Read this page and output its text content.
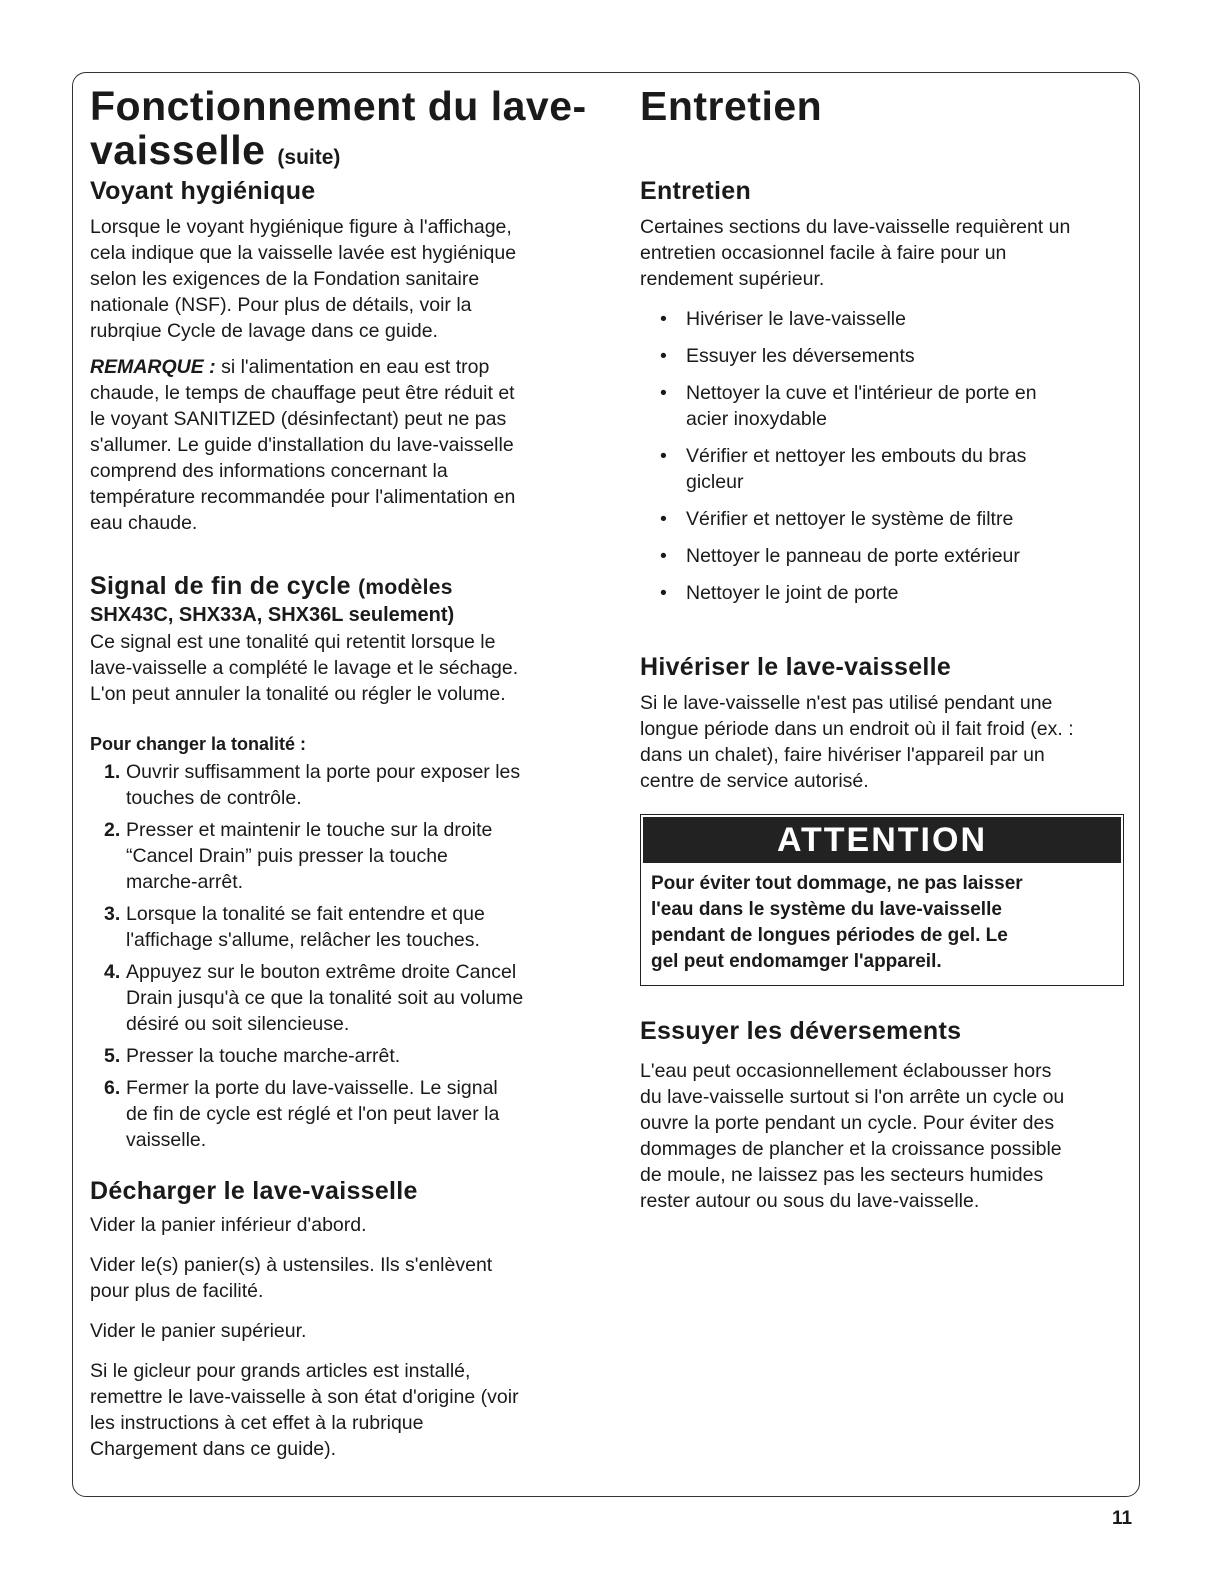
Fonctionnement du lave-
vaisselle (suite)
Voyant hygiénique

Lorsque le voyant hygiénique figure à l'affichage,

cela indique que la vaisselle lavée est hygiénique

selon les exigences de la Fondation sanitaire

nationale (NSF). Pour plus de détails, voir la

rubrqiue Cycle de lavage dans ce guide.

REMARQUE : si l'alimentation en eau est trop

chaude, le temps de chauffage peut être réduit et

le voyant SANITIZED (désinfectant) peut ne pas

s'allumer. Le guide d'installation du lave-vaisselle

comprend des informations concernant la

température recommandée pour l'alimentation en

eau chaude.

Signal de fin de cycle (modèles
SHX43C, SHX33A, SHX36L seulement)

Ce signal est une tonalité qui retentit lorsque le

lave-vaisselle a complété le lavage et le séchage.

L'on peut annuler la tonalité ou régler le volume.

Pour changer la tonalité :
1. Ouvrir suffisamment la porte pour exposer les
touches de contrôle.
2. Presser et maintenir le touche sur la droite
“Cancel Drain” puis presser la touche
marche-arrêt.
3. Lorsque la tonalité se fait entendre et que
l'affichage s'allume, relâcher les touches.
4. Appuyez sur le bouton extrême droite Cancel
Drain jusqu'à ce que la tonalité soit au volume
désiré ou soit silencieuse.
5. Presser la touche marche-arrêt.
6. Fermer la porte du lave-vaisselle. Le signal
de fin de cycle est réglé et l'on peut laver la
vaisselle.
Décharger le lave-vaisselle

Vider la panier inférieur d'abord.

Vider le(s) panier(s) à ustensiles. Ils s'enlèvent

pour plus de facilité.

Vider le panier supérieur.

Si le gicleur pour grands articles est installé,

remettre le lave-vaisselle à son état d'origine (voir

les instructions à cet effet à la rubrique

Chargement dans ce guide).

Entretien
Entretien

Certaines sections du lave-vaisselle requièrent un

entretien occasionnel facile à faire pour un

rendement supérieur.

• Hivériser le lave-vaisselle
• Essuyer les déversements
• Nettoyer la cuve et l'intérieur de porte en
acier inoxydable
• Vérifier et nettoyer les embouts du bras
gicleur
• Vérifier et nettoyer le système de filtre
• Nettoyer le panneau de porte extérieur
• Nettoyer le joint de porte
Hivériser le lave-vaisselle

Si le lave-vaisselle n'est pas utilisé pendant une

longue période dans un endroit où il fait froid (ex. :

dans un chalet), faire hivériser l'appareil par un

centre de service autorisé.

ATTENTION
Pour éviter tout dommage, ne pas laisser
l'eau dans le système du lave-vaisselle
pendant de longues périodes de gel. Le
gel peut endomamger l'appareil.
Essuyer les déversements

L'eau peut occasionnellement éclabousser hors

du lave-vaisselle surtout si l'on arrête un cycle ou

ouvre la porte pendant un cycle. Pour éviter des

dommages de plancher et la croissance possible

de moule, ne laissez pas les secteurs humides

rester autour ou sous du lave-vaisselle.

11
